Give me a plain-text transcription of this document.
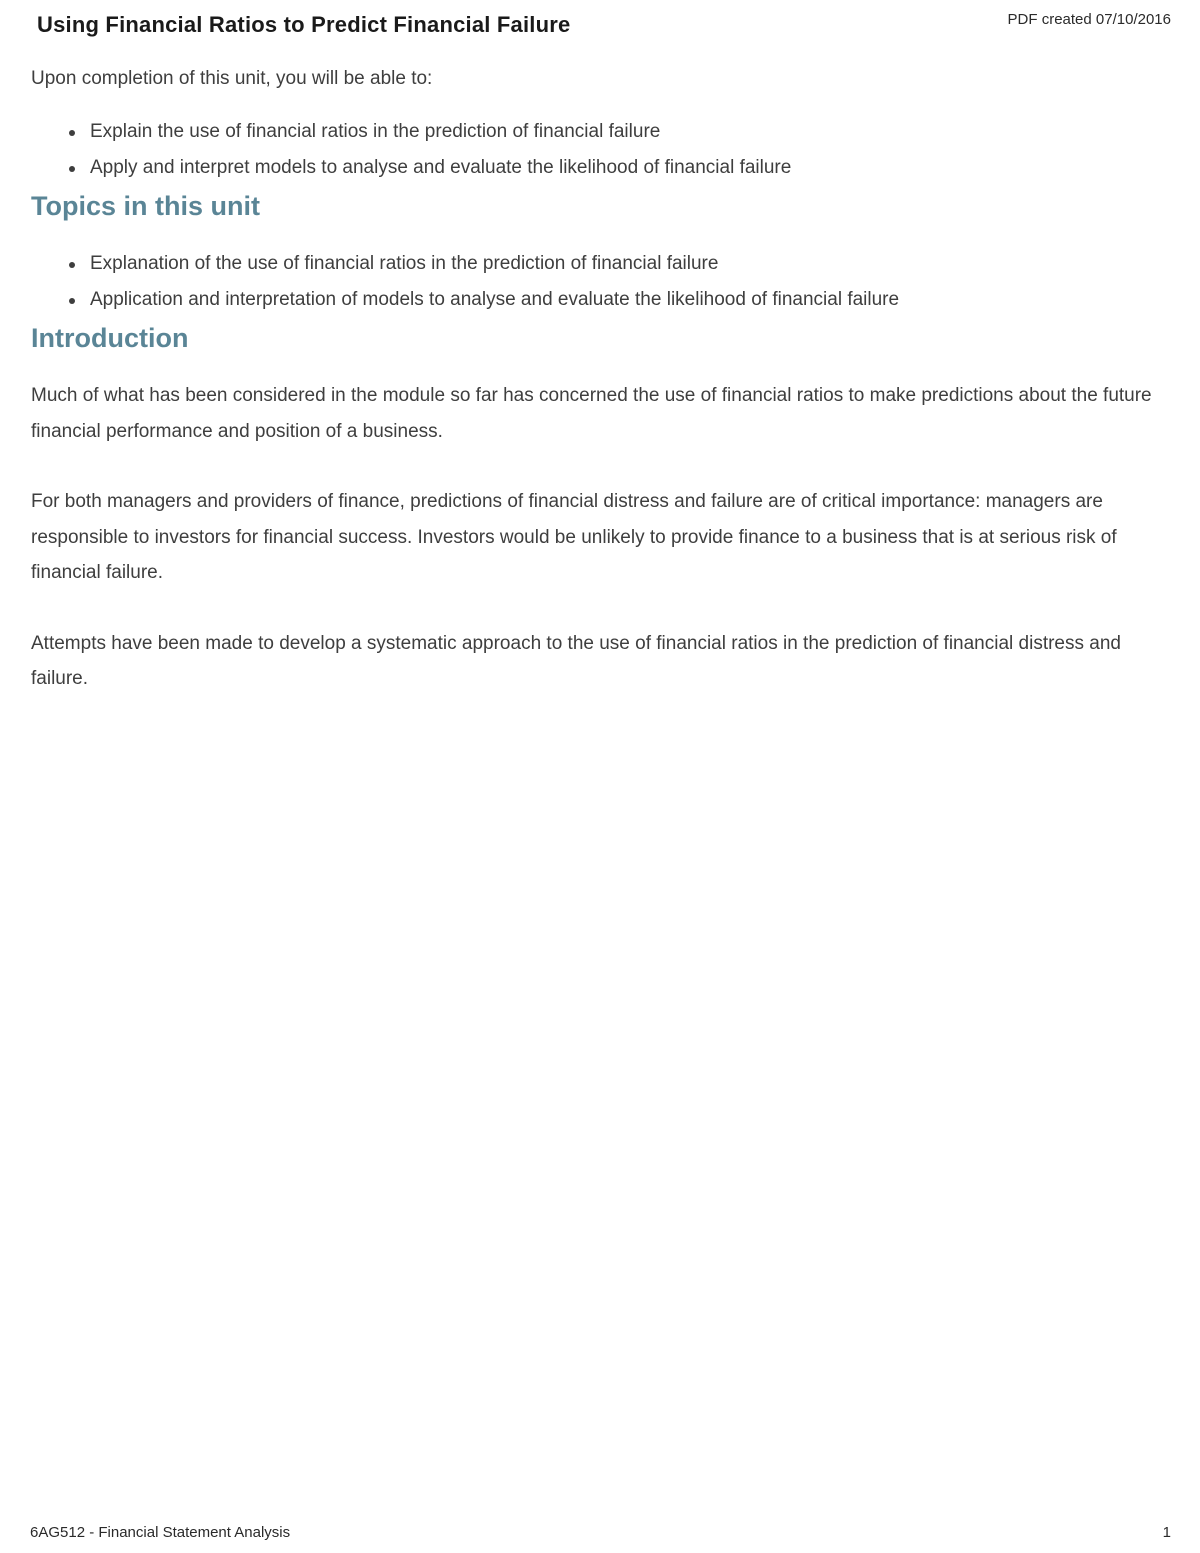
Using Financial Ratios to Predict Financial Failure	PDF created 07/10/2016

Upon completion of this unit, you will be able to:

Explain the use of financial ratios in the prediction of financial failure
Apply and interpret models to analyse and evaluate the likelihood of financial failure
Topics in this unit
Explanation of the use of financial ratios in the prediction of financial failure
Application and interpretation of models to analyse and evaluate the likelihood of financial failure
Introduction

Much of what has been considered in the module so far has concerned the use of financial ratios to make predictions about the future financial performance and position of a business.

For both managers and providers of finance, predictions of financial distress and failure are of critical importance: managers are responsible to investors for financial success. Investors would be unlikely to provide finance to a business that is at serious risk of financial failure.

Attempts have been made to develop a systematic approach to the use of financial ratios in the prediction of financial distress and failure.

6AG512 - Financial Statement Analysis	1
